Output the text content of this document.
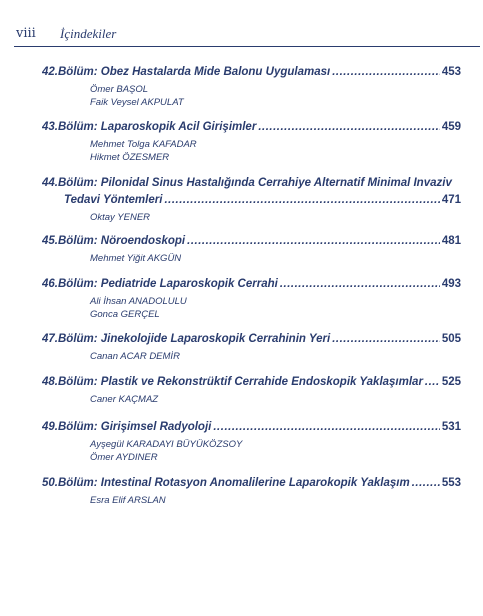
viii İçindekiler
42.Bölüm: Obez Hastalarda Mide Balonu Uygulaması .....	453
Ömer BAŞOL
Faik Veysel AKPULAT
43.Bölüm: Laparoskopik Acil Girişimler .....	459
Mehmet Tolga KAFADAR
Hikmet ÖZESMER
44.Bölüm: Pilonidal Sinus Hastalığında Cerrahiye Alternatif Minimal İnvaziv
Tedavi Yöntemleri .....	471
Oktay YENER
45.Bölüm: Nöroendoskopi .....	481
Mehmet Yiğit AKGÜN
46.Bölüm: Pediatride Laparoskopik Cerrahi .....	493
Ali İhsan ANADOLULU
Gonca GERÇEL
47.Bölüm: Jinekolojide Laparoskopik Cerrahinin Yeri .....	505
Canan ACAR DEMİR
48.Bölüm: Plastik ve Rekonstrüktif Cerrahide Endoskopik Yaklaşımlar ..... 525
Caner KAÇMAZ
49.Bölüm: Girişimsel Radyoloji .....	531
Ayşegül KARADAYI BÜYÜKÖZSOY
Ömer AYDINER
50.Bölüm: İntestinal Rotasyon Anomalilerine Laparokopik Yaklaşım .....	553
Esra Elif ARSLAN
